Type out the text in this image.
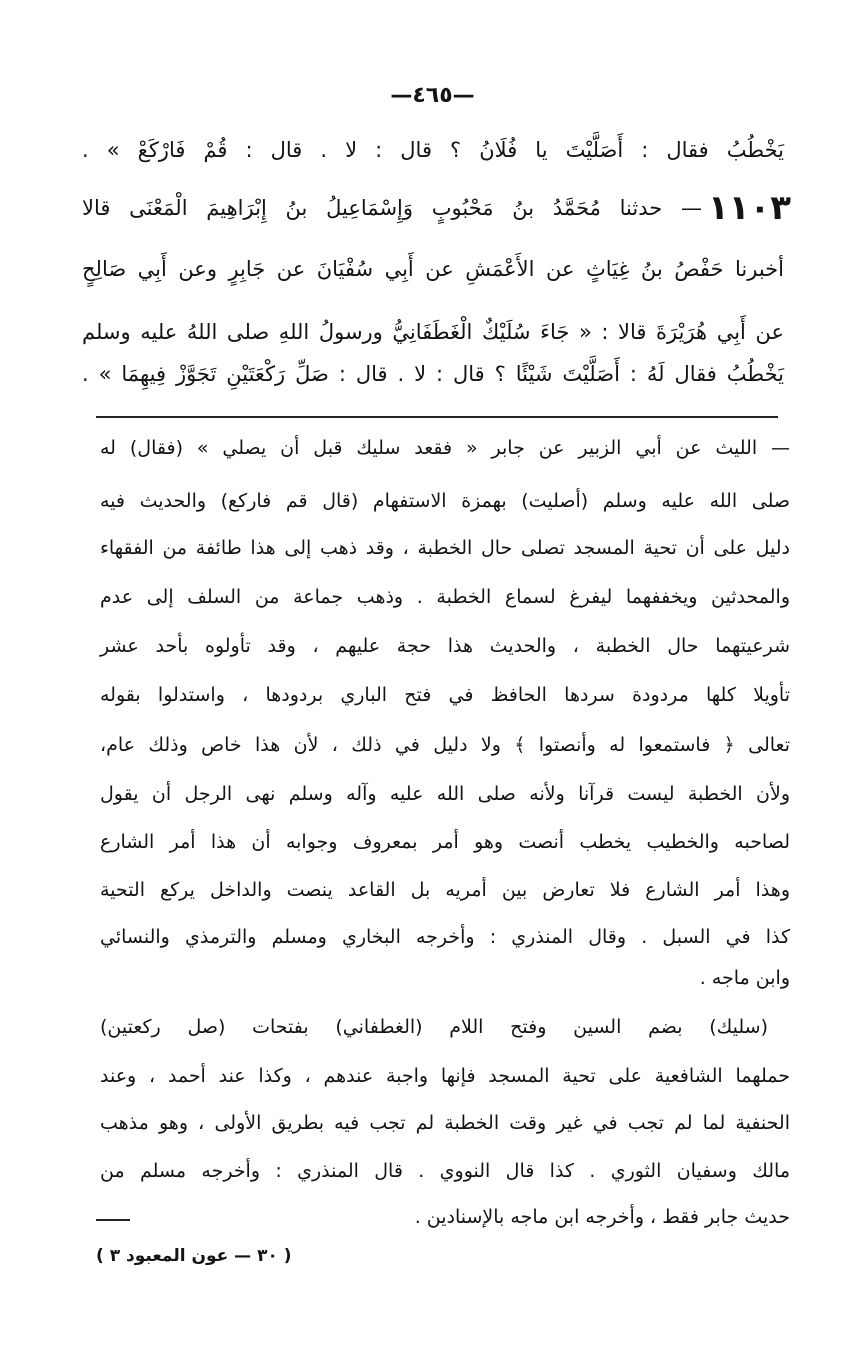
—٤٦٥—
يَخْطُبُ فقال : أَصَلَّيْتَ يا فُلَانُ ؟ قال : لا . قال : قُمْ فَارْكَعْ » .
— حدثنا مُحَمَّدُ بنُ مَحْبُوبٍ وَإِسْمَاعِيلُ بنُ إِبْرَاهِيمَ الْمَعْنَى قالا ١١٠٣
أخبرنا حَفْصُ بنُ غِيَاثٍ عن الأَعْمَشِ عن أَبِي سُفْيَانَ عن جَابِرٍ وعن أَبِي صَالِحٍ
عن أَبِي هُرَيْرَةَ قالا : « جَاءَ سُلَيْكٌ الْغَطَفَانِيُّ ورسولُ اللهِ صلى اللهُ عليه وسلم
يَخْطُبُ فقال لَهُ : أَصَلَّيْتَ شَيْئًا ؟ قال : لا . قال : صَلِّ رَكْعَتَيْنِ تَجَوَّزْ فِيهِمَا » .
— الليث عن أبي الزبير عن جابر « فقعد سليك قبل أن يصلي » (فقال) له
صلى الله عليه وسلم (أصليت) بهمزة الاستفهام (قال قم فاركع) والحديث فيه
دليل على أن تحية المسجد تصلى حال الخطبة ، وقد ذهب إلى هذا طائفة من الفقهاء
والمحدثين ويخففهما ليفرغ لسماع الخطبة . وذهب جماعة من السلف إلى عدم
شرعيتهما حال الخطبة ، والحديث هذا حجة عليهم ، وقد تأولوه بأحد عشر
تأويلا كلها مردودة سردها الحافظ في فتح الباري بردودها ، واستدلوا بقوله
تعالى ﴿ فاستمعوا له وأنصتوا ﴾ ولا دليل في ذلك ، لأن هذا خاص وذلك عام،
ولأن الخطبة ليست قرآنا ولأنه صلى الله عليه وآله وسلم نهى الرجل أن يقول
لصاحبه والخطيب يخطب أنصت وهو أمر بمعروف وجوابه أن هذا أمر الشارع
وهذا أمر الشارع فلا تعارض بين أمريه بل القاعد ينصت والداخل يركع التحية
كذا في السبل . وقال المنذري : وأخرجه البخاري ومسلم والترمذي والنسائي
وابن ماجه .
(سليك) بضم السين وفتح اللام (الغطفاني) بفتحات (صل ركعتين)
حملهما الشافعية على تحية المسجد فإنها واجبة عندهم ، وكذا عند أحمد ، وعند
الحنفية لما لم تجب في غير وقت الخطبة لم تجب فيه بطريق الأولى ، وهو مذهب
مالك وسفيان الثوري . كذا قال النووي . قال المنذري : وأخرجه مسلم من
حديث جابر فقط ، وأخرجه ابن ماجه بالإسنادين .
( ٣٠ — عون المعبود ٣ )
